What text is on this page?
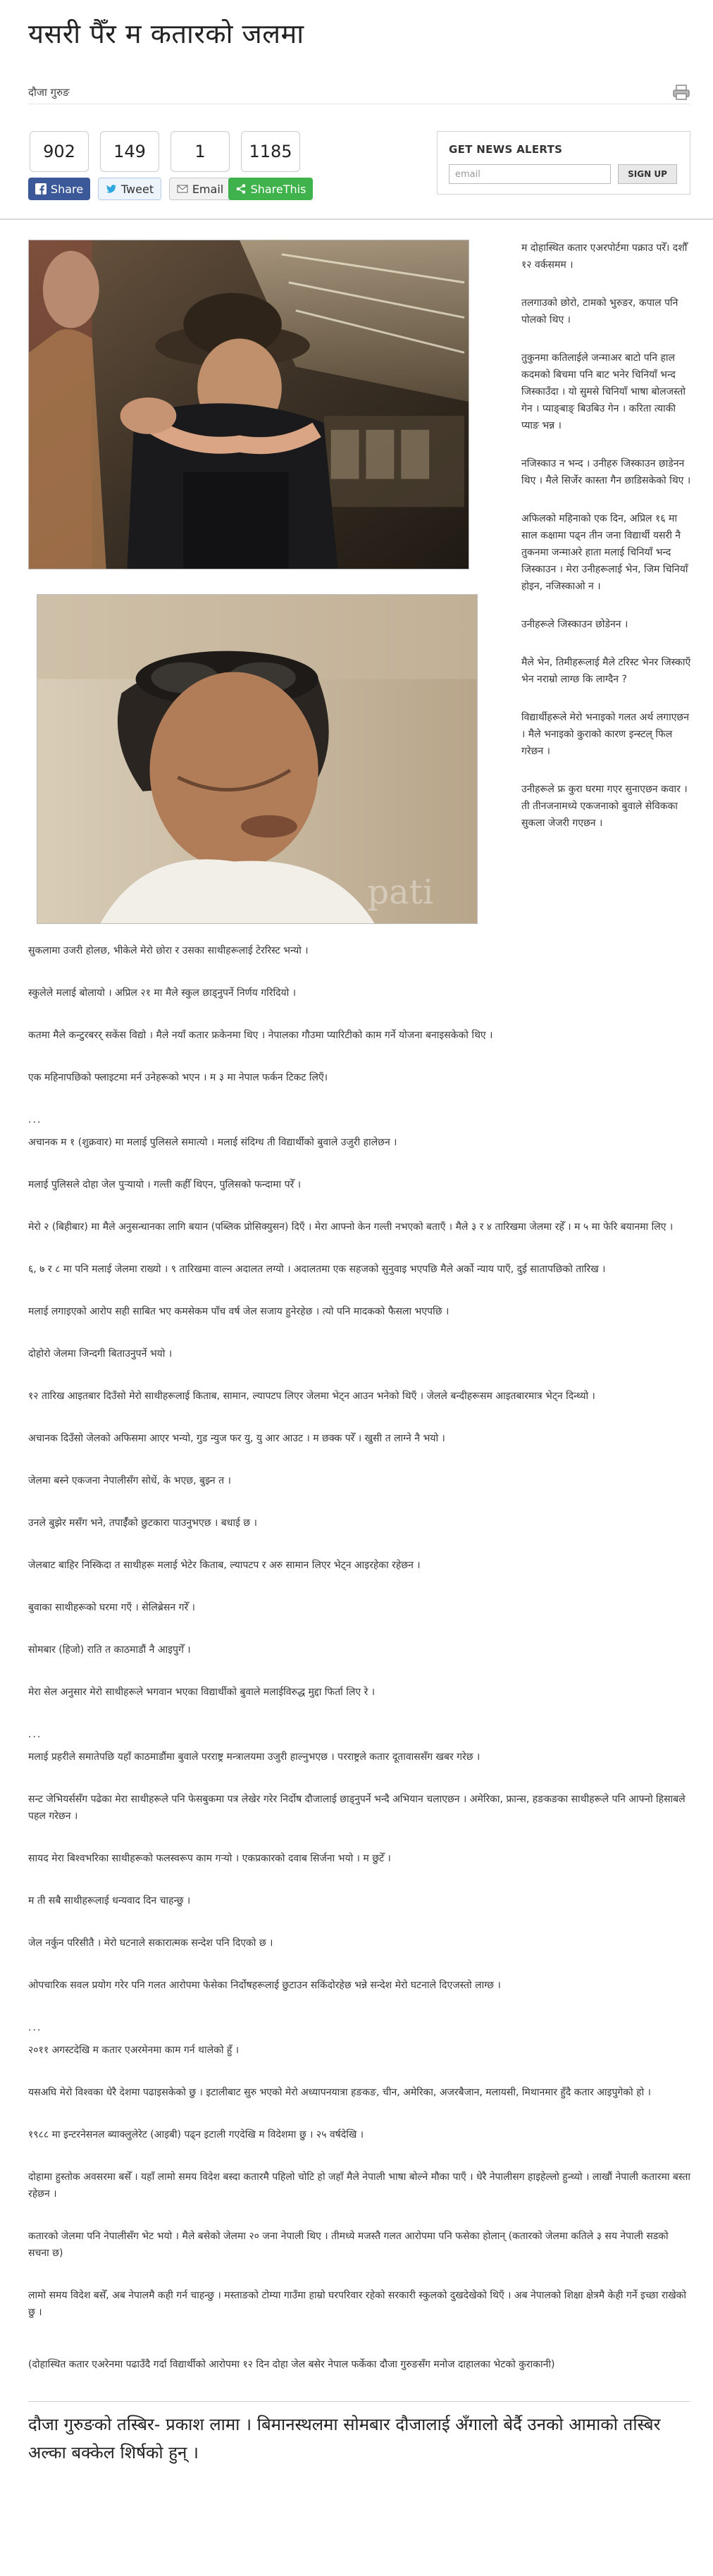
यसरी पैँर म कतारको जलमा
दौजा गुरुङ
902
Share
149
Tweet
1
Email
1185
ShareThis
GET NEWS ALERTS
email
SIGN UP
pati

म दोहास्थित कतार एअरपोर्टमा पक्राउ परेँ। दशौँ १२ वर्कसमम ।

तलगाउको छोरो, टामको भुरुङर, कपाल पनि पोलको थिए ।

तुकुनमा कतिलाईले जन्माअर बाटो पनि हाल कदमको बिचमा पनि बाट भनेर चिनियाँ भन्द जिस्काउँदा । यो सुमसे चिनियाँ भाषा बोलजस्तो गेन । प्याङ्बाङ् बिउबिउ गेन । करिता त्याकी प्याङ भन्न ।

नजिस्काउ न भन्द । उनीहरु जिस्काउन छाडेनन थिए । मैले सिर्जेर कास्ता गैन छाडिसकेको थिए ।

अफिलको महिनाको एक दिन, अप्रिल १६ मा साल कक्षामा पढ्न तीन जना विद्यार्थी यसरी नै तुकनमा जन्माअरे हाता मलाई चिनियाँ भन्द जिस्काउन । मेरा उनीहरूलाई भेन, जिम चिनियाँ होइन, नजिस्काओ न ।

उनीहरूले जिस्काउन छोडेनन ।

मैले भेन, तिमीहरूलाई मैले टरिस्ट भेनर जिस्काएँ भेन नराम्रो लाग्छ कि लाग्दैन ?

विद्यार्थीहरूले मेरो भनाइको गलत अर्थ लगाएछन । मैले भनाइको कुराको कारण इन्स्टल् फिल गरेछन ।

उनीहरूले फ्र कुरा घरमा गएर सुनाएछन कवार । ती तीनजनामध्ये एकजनाको बुवाले सेविकका सुकला जेजरी गएछन ।

सुकलामा उजरी होलछ, भीकेले मेरो छोरा र उसका साथीहरूलाई टेररिस्ट भन्यो ।

स्कुलेले मलाई बोलायो । अप्रिल २१ मा मैले स्कुल छाड्नुपर्ने निर्णय गरिदियो ।

कतमा मैले कन्टुरबरर् सकेंस विद्यो । मैले नयाँ कतार फ्रकेनमा थिए । नेपालका गौउमा प्यारिटीको काम गर्ने योजना बनाइसकेको थिए ।

एक महिनापछिको फ्लाइटमा मर्न उनेहरूको भएन । म ३ मा नेपाल फर्कन टिकट लिएँ।

...

अचानक म १ (शुक्रवार) मा मलाई पुलिसले समात्यो । मलाई संदिग्ध ती विद्यार्थीको बुवाले उजुरी हालेछन ।

मलाई पुलिसले दोहा जेल पुर्‍यायो । गल्ती कहीँ थिएन, पुलिसको फन्दामा परेँ ।

मेरो २ (बिहीबार) मा मैले अनुसन्धानका लागि बयान (पब्लिक प्रोसिक्युसन) दिएँ । मेरा आफ्नो केन गल्ती नभएको बताएँ । मैले ३ र ४ तारिखमा जेलमा रहेँ । म ५ मा फेरि बयानमा लिए ।

६, ७ र ८ मा पनि मलाई जेलमा राख्यो । ९ तारिखमा वाल्न अदालत लग्यो । अदालतमा एक सहजको सुनुवाइ भएपछि मैले अर्को न्याय पाएँ, दुई सातापछिको तारिख ।

मलाई लगाइएको आरोप सही साबित भए कमसेकम पाँच वर्ष जेल सजाय हुनेरहेछ । त्यो पनि मादकको फैसला भएपछि ।

दोहोरो जेलमा जिन्दगी बिताउनुपर्ने भयो ।

१२ तारिख आइतबार दिउँसो मेरो साथीहरूलाई किताब, सामान, ल्यापटप लिएर जेलमा भेट्न आउन भनेको थिएँ । जेलले बन्दीहरूसम आइतबारमात्र भेट्न दिन्थ्यो ।

अचानक दिउँसो जेलको अफिसमा आएर भन्यो, गुड न्युज फर यु, यु आर आउट । म छक्क परेँ । खुसी त लाग्ने नै भयो ।

जेलमा बस्ने एकजना नेपालीसँग सोधें, के भएछ, बुझ्न त ।

उनले बुझेर मसँग भने, तपाईँको छुटकारा पाउनुभएछ । बधाई छ ।

जेलबाट बाहिर निस्किदा त साथीहरू मलाई भेटेर किताब, ल्यापटप र अरु सामान लिएर भेट्न आइरहेका रहेछन ।

बुवाका साथीहरूको घरमा गएँ । सेलिब्रेसन गरेँ ।

सोमबार (हिजो) राति त काठमाडौं नै आइपुगेँ ।

मेरा सेल अनुसार मेरो साथीहरूले भगवान भएका विद्यार्थीको बुवाले मलाईविरुद्ध मुद्दा फिर्ता लिए रे ।

...

मलाई प्रहरीले समातेपछि यहाँ काठमाडौंमा बुवाले परराष्ट्र मन्त्रालयमा उजुरी हाल्नुभएछ । परराष्ट्रले कतार दूतावाससँग खबर गरेछ ।

सन्ट जेभियर्ससँग पढेका मेरा साथीहरूले पनि फेसबुकमा पत्र लेखेर गरेर निर्दोष दौजालाई छाड्नुपर्ने भन्दै अभियान चलाएछन । अमेरिका, फ्रान्स, हङकङका साथीहरूले पनि आफ्नो हिसाबले पहल गरेछन ।

सायद मेरा बिश्वभरिका साथीहरूको फलस्वरूप काम गर्‍यो । एकप्रकारको दवाब सिर्जना भयो । म छुटेँ ।

म ती सबै साथीहरूलाई धन्यवाद दिन चाहन्छु ।

जेल नर्कुन परिसीतै । मेरो घटनाले सकारात्मक सन्देश पनि दिएको छ ।

ओपचारिक सवल प्रयोग गरेर पनि गलत आरोपमा फेसेका निर्दोषहरूलाई छुटाउन सकिंदोरहेछ भन्ने सन्देश मेरो घटनाले दिएजस्तो लाग्छ ।

...

२०११ अगस्टदेखि म कतार एअरमेनमा काम गर्न थालेको हुँ ।

यसअघि मेरो विश्वका धेरै देशमा पढाइसकेको छु । इटालीबाट सुरु भएको मेरो अध्यापनयात्रा हङकङ, चीन, अमेरिका, अजरबैजान, मलायसी, मिथानमार हुँदै कतार आइपुगेको हो ।

१९८८ मा इन्टरनेसनल ब्याक्लुलेरेट (आइबी) पढ्न इटाली गएदेखि म विदेशमा छु । २५ वर्षदेखि ।

दोहामा हुस्तोक अवसरमा बसेँ । यहाँ लामो समय विदेश बस्दा कतारमै पहिलो चोटि हो जहाँ मैले नेपाली भाषा बोल्ने मौका पाएँ । धेरै नेपालीसग हाइहेल्लो हुन्थ्यो । लाखौं नेपाली कतारमा बस्ता रहेछन ।

कतारको जेलमा पनि नेपालीसँग भेट भयो । मैले बसेको जेलमा २० जना नेपाली थिए । तीमध्ये मजस्तै गलत आरोपमा पनि फसेका होलान् (कतारको जेलमा कतिले ३ सय नेपाली सडको सचना छ)

लामो समय विदेश बसेँ, अब नेपालमै कही गर्न चाहन्छु । मस्ताङको टोम्या गाउँमा हाम्रो घरपरिवार रहेको सरकारी स्कुलको दुखदेखेको थिएँ । अब नेपालको शिक्षा क्षेत्रमै केही गर्ने इच्छा राखेको छु ।

(दोहास्थित कतार एअरेनमा पढाउँदै गर्दा विद्यार्थीको आरोपमा १२ दिन दोहा जेल बसेर नेपाल फर्केका दौजा गुरुङसँग मनोज दाहालका भेटको कुराकानी)

दौजा गुरुङको तस्बिर- प्रकाश लामा । बिमानस्थलमा सोमबार दौजालाई अँगालो बेर्दै उनको आमाको तस्बिर अल्का बक्केल शिर्षको हुन् ।
